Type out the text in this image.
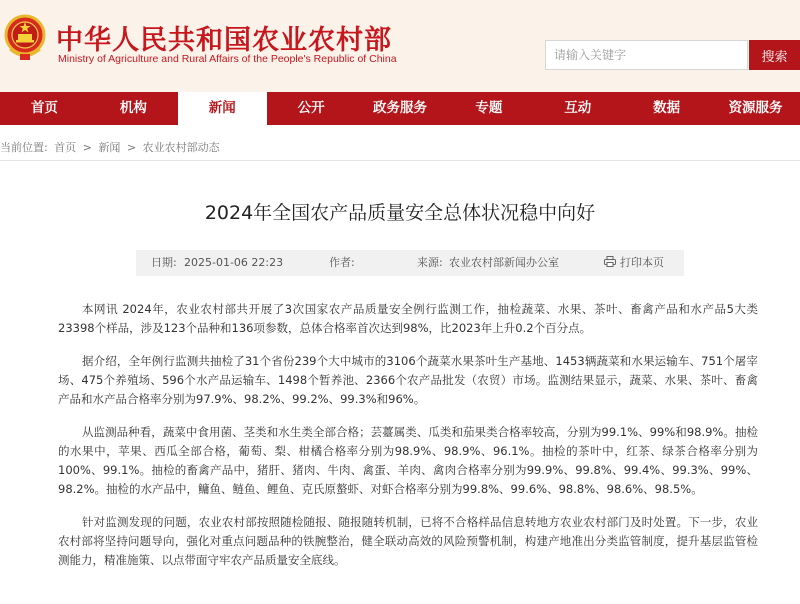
中华人民共和国农业农村部
Ministry of Agriculture and Rural Affairs of the People's Republic of China
请输入关键字	搜索
首页	机构	新闻	公开	政务服务	专题	互动	数据	资源服务
当前位置: 首页 > 新闻 > 农业农村部动态
2024年全国农产品质量安全总体状况稳中向好
日期: 2025-01-06 22:23	作者:	来源: 农业农村部新闻办公室	打印本页

本网讯 2024年，农业农村部共开展了3次国家农产品质量安全例行监测工作，抽检蔬菜、水果、茶叶、畜禽产品和水产品5大类23398个样品，涉及123个品种和136项参数，总体合格率首次达到98%，比2023年上升0.2个百分点。

据介绍，全年例行监测共抽检了31个省份239个大中城市的3106个蔬菜水果茶叶生产基地、1453辆蔬菜和水果运输车、751个屠宰场、475个养殖场、596个水产品运输车、1498个暂养池、2366个农产品批发（农贸）市场。监测结果显示，蔬菜、水果、茶叶、畜禽产品和水产品合格率分别为97.9%、98.2%、99.2%、99.3%和96%。

从监测品种看，蔬菜中食用菌、茎类和水生类全部合格；芸薹属类、瓜类和茄果类合格率较高，分别为99.1%、99%和98.9%。抽检的水果中，苹果、西瓜全部合格，葡萄、梨、柑橘合格率分别为98.9%、98.9%、96.1%。抽检的茶叶中，红茶、绿茶合格率分别为100%、99.1%。抽检的畜禽产品中，猪肝、猪肉、牛肉、禽蛋、羊肉、禽肉合格率分别为99.9%、99.8%、99.4%、99.3%、99%、98.2%。抽检的水产品中，鳙鱼、鲢鱼、鲤鱼、克氏原螯虾、对虾合格率分别为99.8%、99.6%、98.8%、98.6%、98.5%。

针对监测发现的问题，农业农村部按照随检随报、随报随转机制，已将不合格样品信息转地方农业农村部门及时处置。下一步，农业农村部将坚持问题导向，强化对重点问题品种的铁腕整治，健全联动高效的风险预警机制，构建产地准出分类监管制度，提升基层监管检测能力，精准施策、以点带面守牢农产品质量安全底线。
